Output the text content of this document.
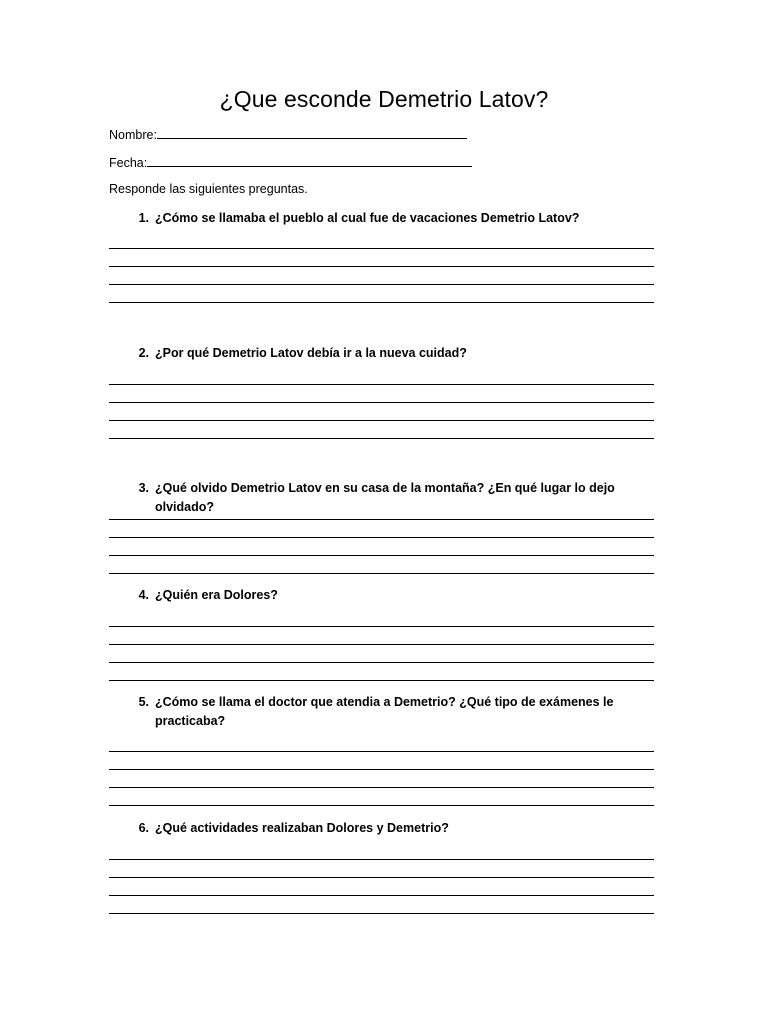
¿Que esconde Demetrio Latov?
Nombre:
Fecha:
Responde las siguientes preguntas.
1. ¿Cómo se llamaba el pueblo al cual fue de vacaciones Demetrio Latov?
2. ¿Por qué Demetrio Latov debía ir a la nueva cuidad?
3. ¿Qué olvido Demetrio Latov en su casa de la montaña? ¿En qué lugar lo dejo olvidado?
4. ¿Quién era Dolores?
5. ¿Cómo se llama el doctor que atendia a Demetrio? ¿Qué tipo de exámenes le practicaba?
6. ¿Qué actividades realizaban Dolores y Demetrio?
